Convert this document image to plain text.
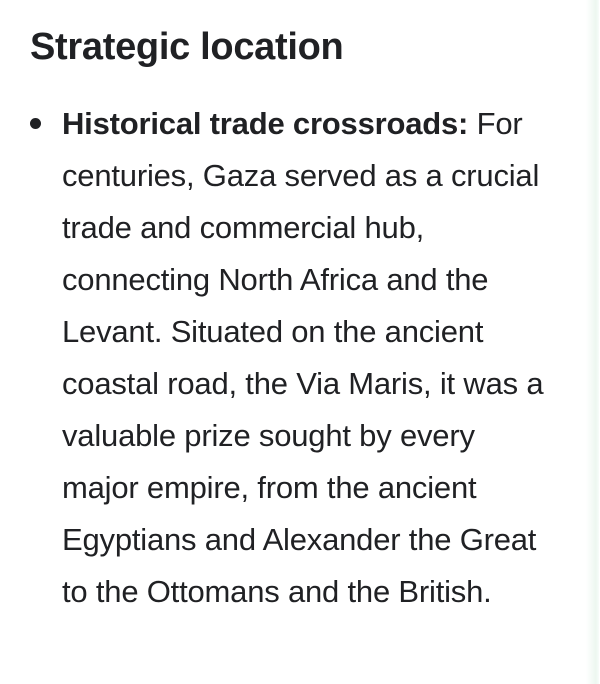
Strategic location
Historical trade crossroads: For centuries, Gaza served as a crucial trade and commercial hub, connecting North Africa and the Levant. Situated on the ancient coastal road, the Via Maris, it was a valuable prize sought by every major empire, from the ancient Egyptians and Alexander the Great to the Ottomans and the British.
